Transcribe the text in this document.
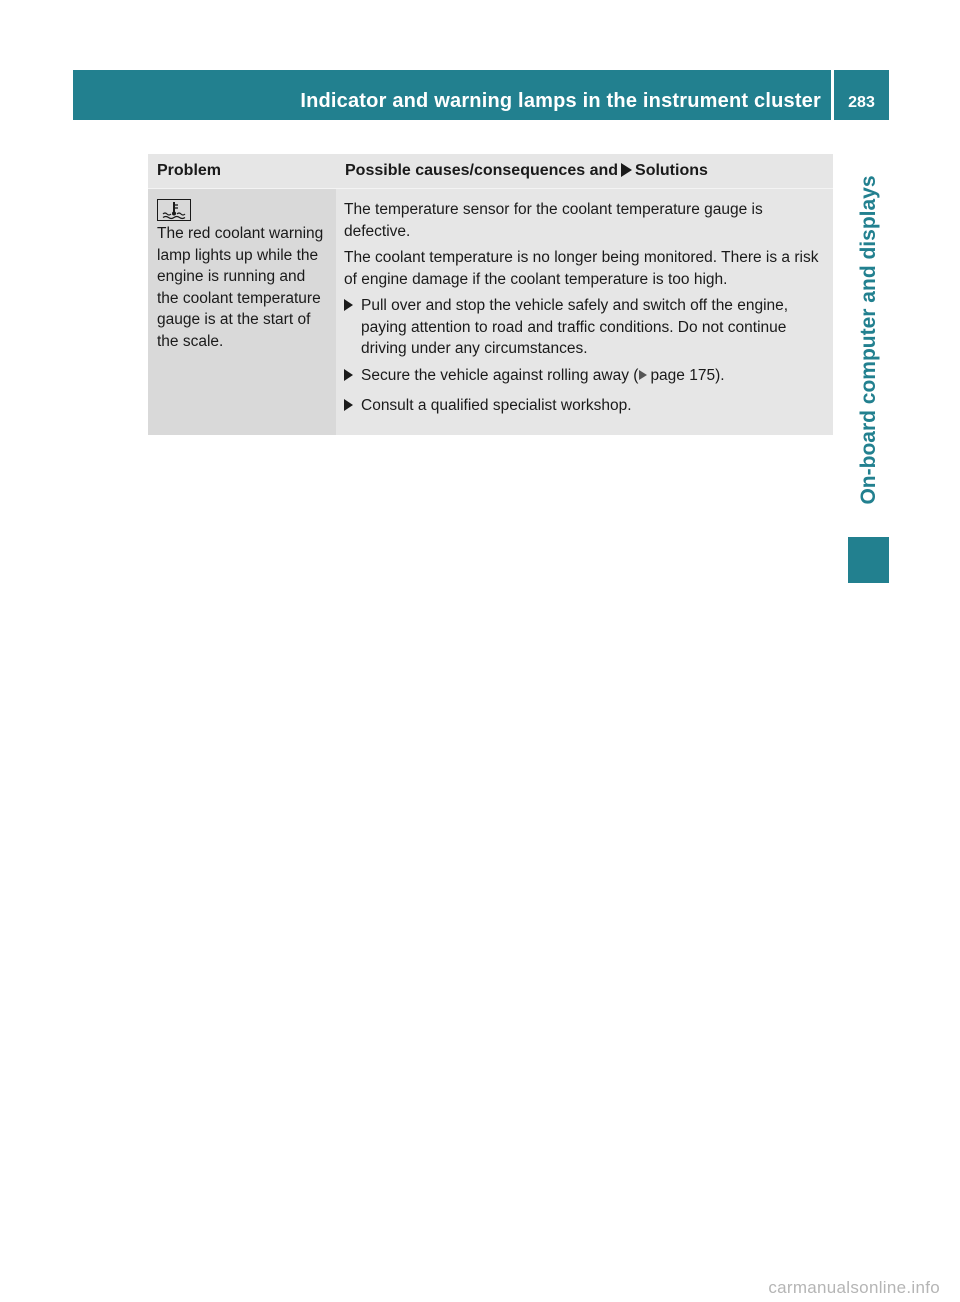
Indicator and warning lamps in the instrument cluster	283
On-board computer and displays
Problem	Possible causes/consequences and Solutions
The red coolant warning lamp lights up while the engine is running and the coolant temperature gauge is at the start of the scale.

The temperature sensor for the coolant temperature gauge is defective.

The coolant temperature is no longer being monitored. There is a risk of engine damage if the coolant temperature is too high.

Pull over and stop the vehicle safely and switch off the engine, paying attention to road and traffic conditions. Do not continue driving under any circumstances.
Secure the vehicle against rolling away ( page 175).
Consult a qualified specialist workshop.
carmanualsonline.info
